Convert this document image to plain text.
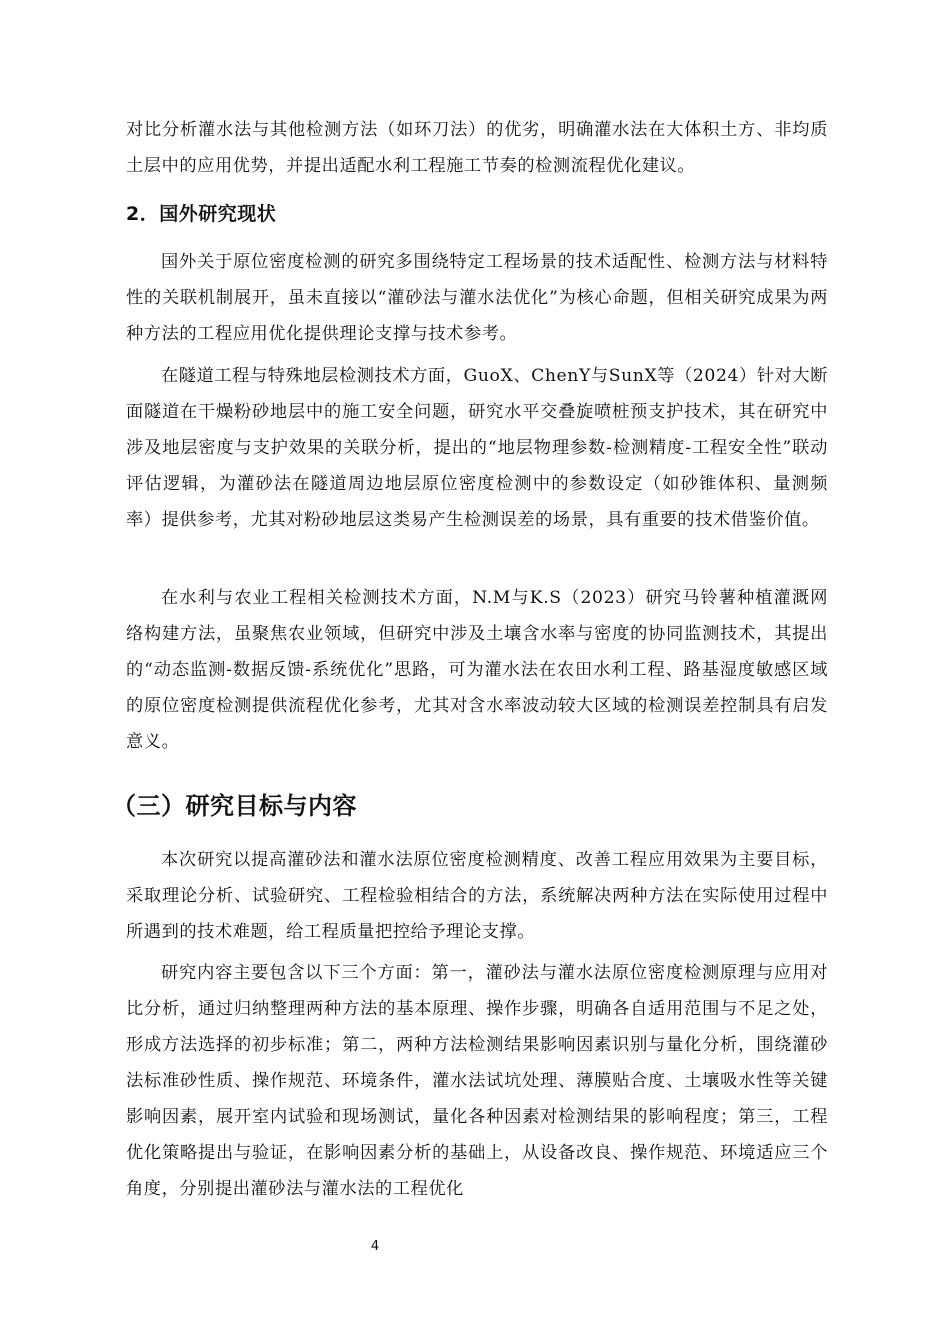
对比分析灌水法与其他检测方法（如环刀法）的优劣，明确灌水法在大体积土方、非均质土层中的应用优势，并提出适配水利工程施工节奏的检测流程优化建议。

2．国外研究现状

国外关于原位密度检测的研究多围绕特定工程场景的技术适配性、检测方法与材料特性的关联机制展开，虽未直接以“灌砂法与灌水法优化”为核心命题，但相关研究成果为两种方法的工程应用优化提供理论支撑与技术参考。

在隧道工程与特殊地层检测技术方面，GuoX、ChenY与SunX等（2024）针对大断面隧道在干燥粉砂地层中的施工安全问题，研究水平交叠旋喷桩预支护技术，其在研究中涉及地层密度与支护效果的关联分析，提出的“地层物理参数-检测精度-工程安全性”联动评估逻辑，为灌砂法在隧道周边地层原位密度检测中的参数设定（如砂锥体积、量测频率）提供参考，尤其对粉砂地层这类易产生检测误差的场景，具有重要的技术借鉴价值。

在水利与农业工程相关检测技术方面，N.M与K.S（2023）研究马铃薯种植灌溉网络构建方法，虽聚焦农业领域，但研究中涉及土壤含水率与密度的协同监测技术，其提出的“动态监测-数据反馈-系统优化”思路，可为灌水法在农田水利工程、路基湿度敏感区域的原位密度检测提供流程优化参考，尤其对含水率波动较大区域的检测误差控制具有启发意义。

（三）研究目标与内容

本次研究以提高灌砂法和灌水法原位密度检测精度、改善工程应用效果为主要目标，采取理论分析、试验研究、工程检验相结合的方法，系统解决两种方法在实际使用过程中所遇到的技术难题，给工程质量把控给予理论支撑。

研究内容主要包含以下三个方面：第一，灌砂法与灌水法原位密度检测原理与应用对比分析，通过归纳整理两种方法的基本原理、操作步骤，明确各自适用范围与不足之处，形成方法选择的初步标准；第二，两种方法检测结果影响因素识别与量化分析，围绕灌砂法标准砂性质、操作规范、环境条件，灌水法试坑处理、薄膜贴合度、土壤吸水性等关键影响因素，展开室内试验和现场测试，量化各种因素对检测结果的影响程度；第三，工程优化策略提出与验证，在影响因素分析的基础上，从设备改良、操作规范、环境适应三个角度，分别提出灌砂法与灌水法的工程优化

4
